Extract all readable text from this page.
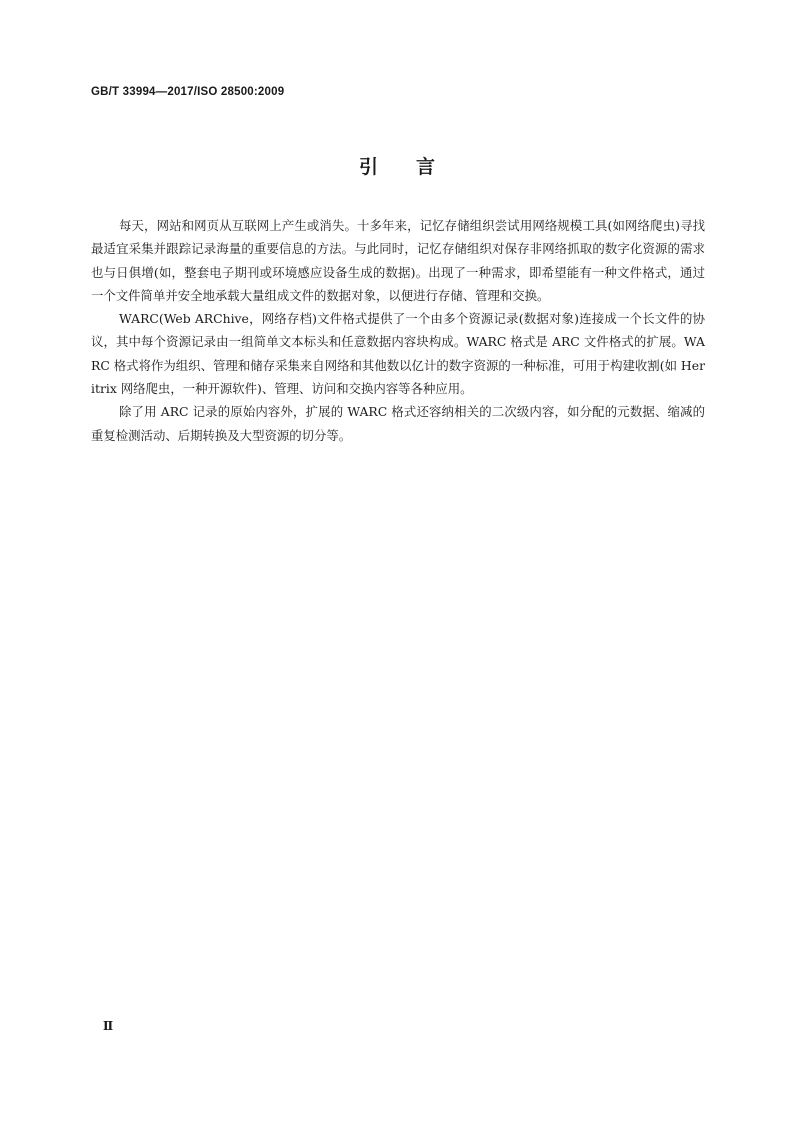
GB/T 33994—2017/ISO 28500:2009
引言

每天，网站和网页从互联网上产生或消失。十多年来，记忆存储组织尝试用网络规模工具(如网络爬虫)寻找最适宜采集并跟踪记录海量的重要信息的方法。与此同时，记忆存储组织对保存非网络抓取的数字化资源的需求也与日俱增(如，整套电子期刊或环境感应设备生成的数据)。出现了一种需求，即希望能有一种文件格式，通过一个文件简单并安全地承载大量组成文件的数据对象，以便进行存储、管理和交换。

WARC(Web ARChive，网络存档)文件格式提供了一个由多个资源记录(数据对象)连接成一个长文件的协议，其中每个资源记录由一组简单文本标头和任意数据内容块构成。WARC 格式是 ARC 文件格式的扩展。WARC 格式将作为组织、管理和储存采集来自网络和其他数以亿计的数字资源的一种标准，可用于构建收割(如 Heritrix 网络爬虫，一种开源软件)、管理、访问和交换内容等各种应用。

除了用 ARC 记录的原始内容外，扩展的 WARC 格式还容纳相关的二次级内容，如分配的元数据、缩减的重复检测活动、后期转换及大型资源的切分等。

Ⅱ
